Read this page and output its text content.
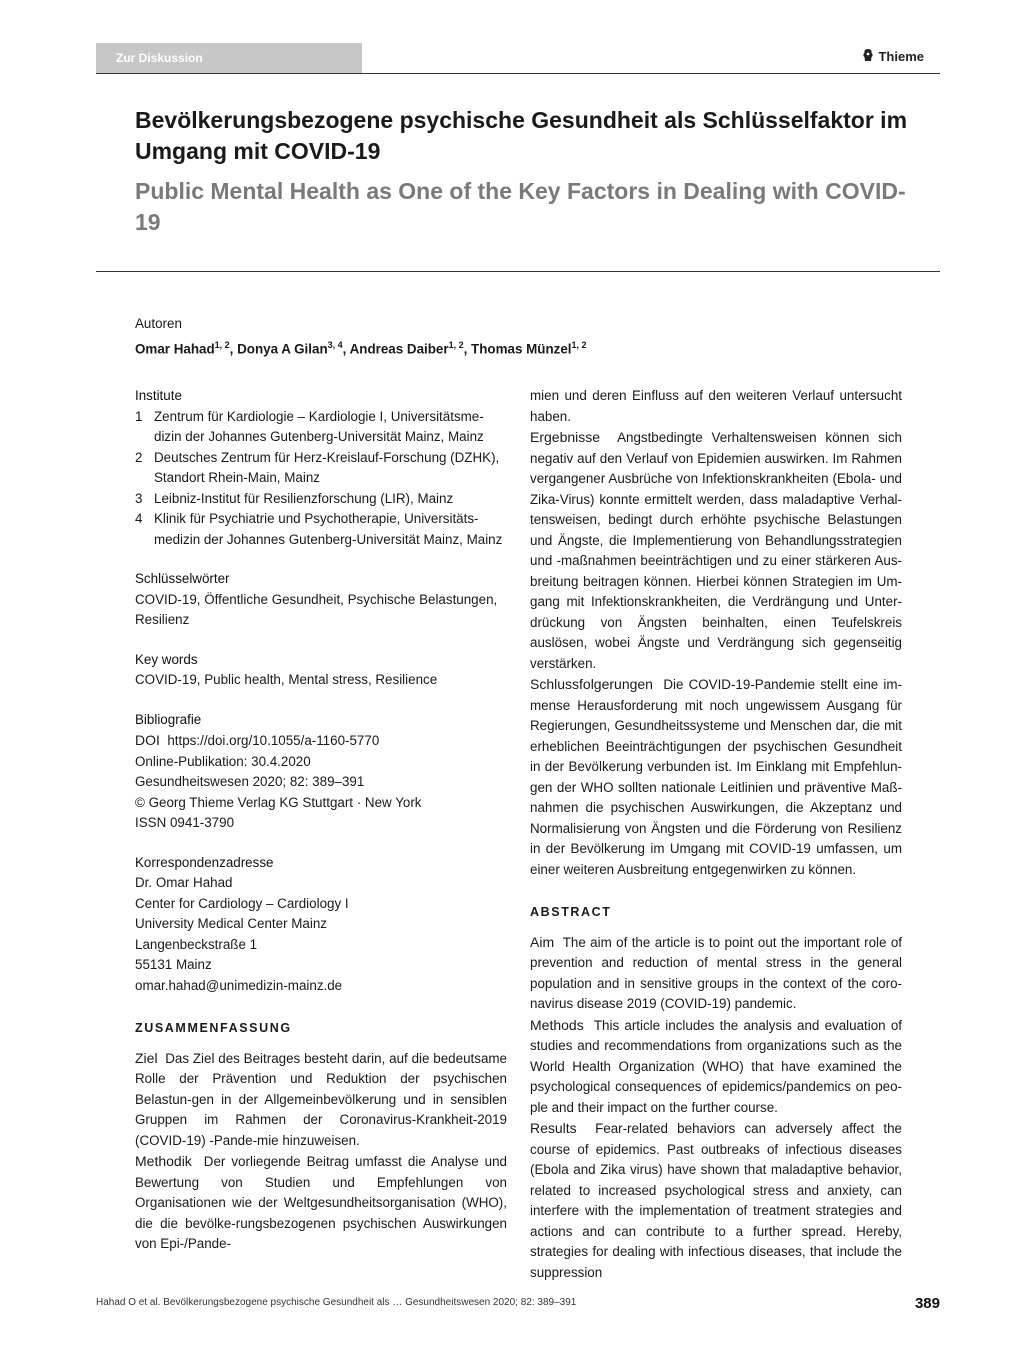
Zur Diskussion	Thieme
Bevölkerungsbezogene psychische Gesundheit als Schlüsselfaktor im Umgang mit COVID-19
Public Mental Health as One of the Key Factors in Dealing with COVID-19
Autoren
Omar Hahad$^{1, 2}$, Donya A Gilan$^{3, 4}$, Andreas Daiber$^{1, 2}$, Thomas Münzel$^{1, 2}$
Institute
1 Zentrum für Kardiologie – Kardiologie I, Universitätsme-dizin der Johannes Gutenberg-Universität Mainz, Mainz
2 Deutsches Zentrum für Herz-Kreislauf-Forschung (DZHK), Standort Rhein-Main, Mainz
3 Leibniz-Institut für Resilienzforschung (LIR), Mainz
4 Klinik für Psychiatrie und Psychotherapie, Universitäts-medizin der Johannes Gutenberg-Universität Mainz, Mainz
Schlüsselwörter
COVID-19, Öffentliche Gesundheit, Psychische Belastungen, Resilienz
Key words
COVID-19, Public health, Mental stress, Resilience
Bibliografie
DOI https://doi.org/10.1055/a-1160-5770
Online-Publikation: 30.4.2020
Gesundheitswesen 2020; 82: 389–391
© Georg Thieme Verlag KG Stuttgart · New York
ISSN 0941-3790
Korrespondenzadresse
Dr. Omar Hahad
Center for Cardiology – Cardiology I
University Medical Center Mainz
Langenbeckstraße 1
55131 Mainz
omar.hahad@unimedizin-mainz.de
ZUSAMMENFASSUNG

Ziel Das Ziel des Beitrages besteht darin, auf die bedeutsame Rolle der Prävention und Reduktion der psychischen Belastun-gen in der Allgemeinbevölkerung und in sensiblen Gruppen im Rahmen der Coronavirus-Krankheit-2019 (COVID-19) -Pande-mie hinzuweisen.

Methodik Der vorliegende Beitrag umfasst die Analyse und Bewertung von Studien und Empfehlungen von Organisationen wie der Weltgesundheitsorganisation (WHO), die die bevölke-rungsbezogenen psychischen Auswirkungen von Epi-/Pande-

mien und deren Einfluss auf den weiteren Verlauf untersucht haben.

Ergebnisse Angstbedingte Verhaltensweisen können sich negativ auf den Verlauf von Epidemien auswirken. Im Rahmen vergangener Ausbrüche von Infektionskrankheiten (Ebola- und Zika-Virus) konnte ermittelt werden, dass maladaptive Verhal-tensweisen, bedingt durch erhöhte psychische Belastungen und Ängste, die Implementierung von Behandlungsstrategien und -maßnahmen beeinträchtigen und zu einer stärkeren Aus-breitung beitragen können. Hierbei können Strategien im Um-gang mit Infektionskrankheiten, die Verdrängung und Unter-drückung von Ängsten beinhalten, einen Teufelskreis auslösen, wobei Ängste und Verdrängung sich gegenseitig verstärken.

Schlussfolgerungen Die COVID-19-Pandemie stellt eine im-mense Herausforderung mit noch ungewissem Ausgang für Regierungen, Gesundheitssysteme und Menschen dar, die mit erheblichen Beeinträchtigungen der psychischen Gesundheit in der Bevölkerung verbunden ist. Im Einklang mit Empfehlun-gen der WHO sollten nationale Leitlinien und präventive Maß-nahmen die psychischen Auswirkungen, die Akzeptanz und Normalisierung von Ängsten und die Förderung von Resilienz in der Bevölkerung im Umgang mit COVID-19 umfassen, um einer weiteren Ausbreitung entgegenwirken zu können.

ABSTRACT

Aim The aim of the article is to point out the important role of prevention and reduction of mental stress in the general population and in sensitive groups in the context of the coro-navirus disease 2019 (COVID-19) pandemic.

Methods This article includes the analysis and evaluation of studies and recommendations from organizations such as the World Health Organization (WHO) that have examined the psychological consequences of epidemics/pandemics on peo-ple and their impact on the further course.

Results Fear-related behaviors can adversely affect the course of epidemics. Past outbreaks of infectious diseases (Ebola and Zika virus) have shown that maladaptive behavior, related to increased psychological stress and anxiety, can interfere with the implementation of treatment strategies and actions and can contribute to a further spread. Hereby, strategies for dealing with infectious diseases, that include the suppression

Hahad O et al. Bevölkerungsbezogene psychische Gesundheit als … Gesundheitswesen 2020; 82: 389–391	389
